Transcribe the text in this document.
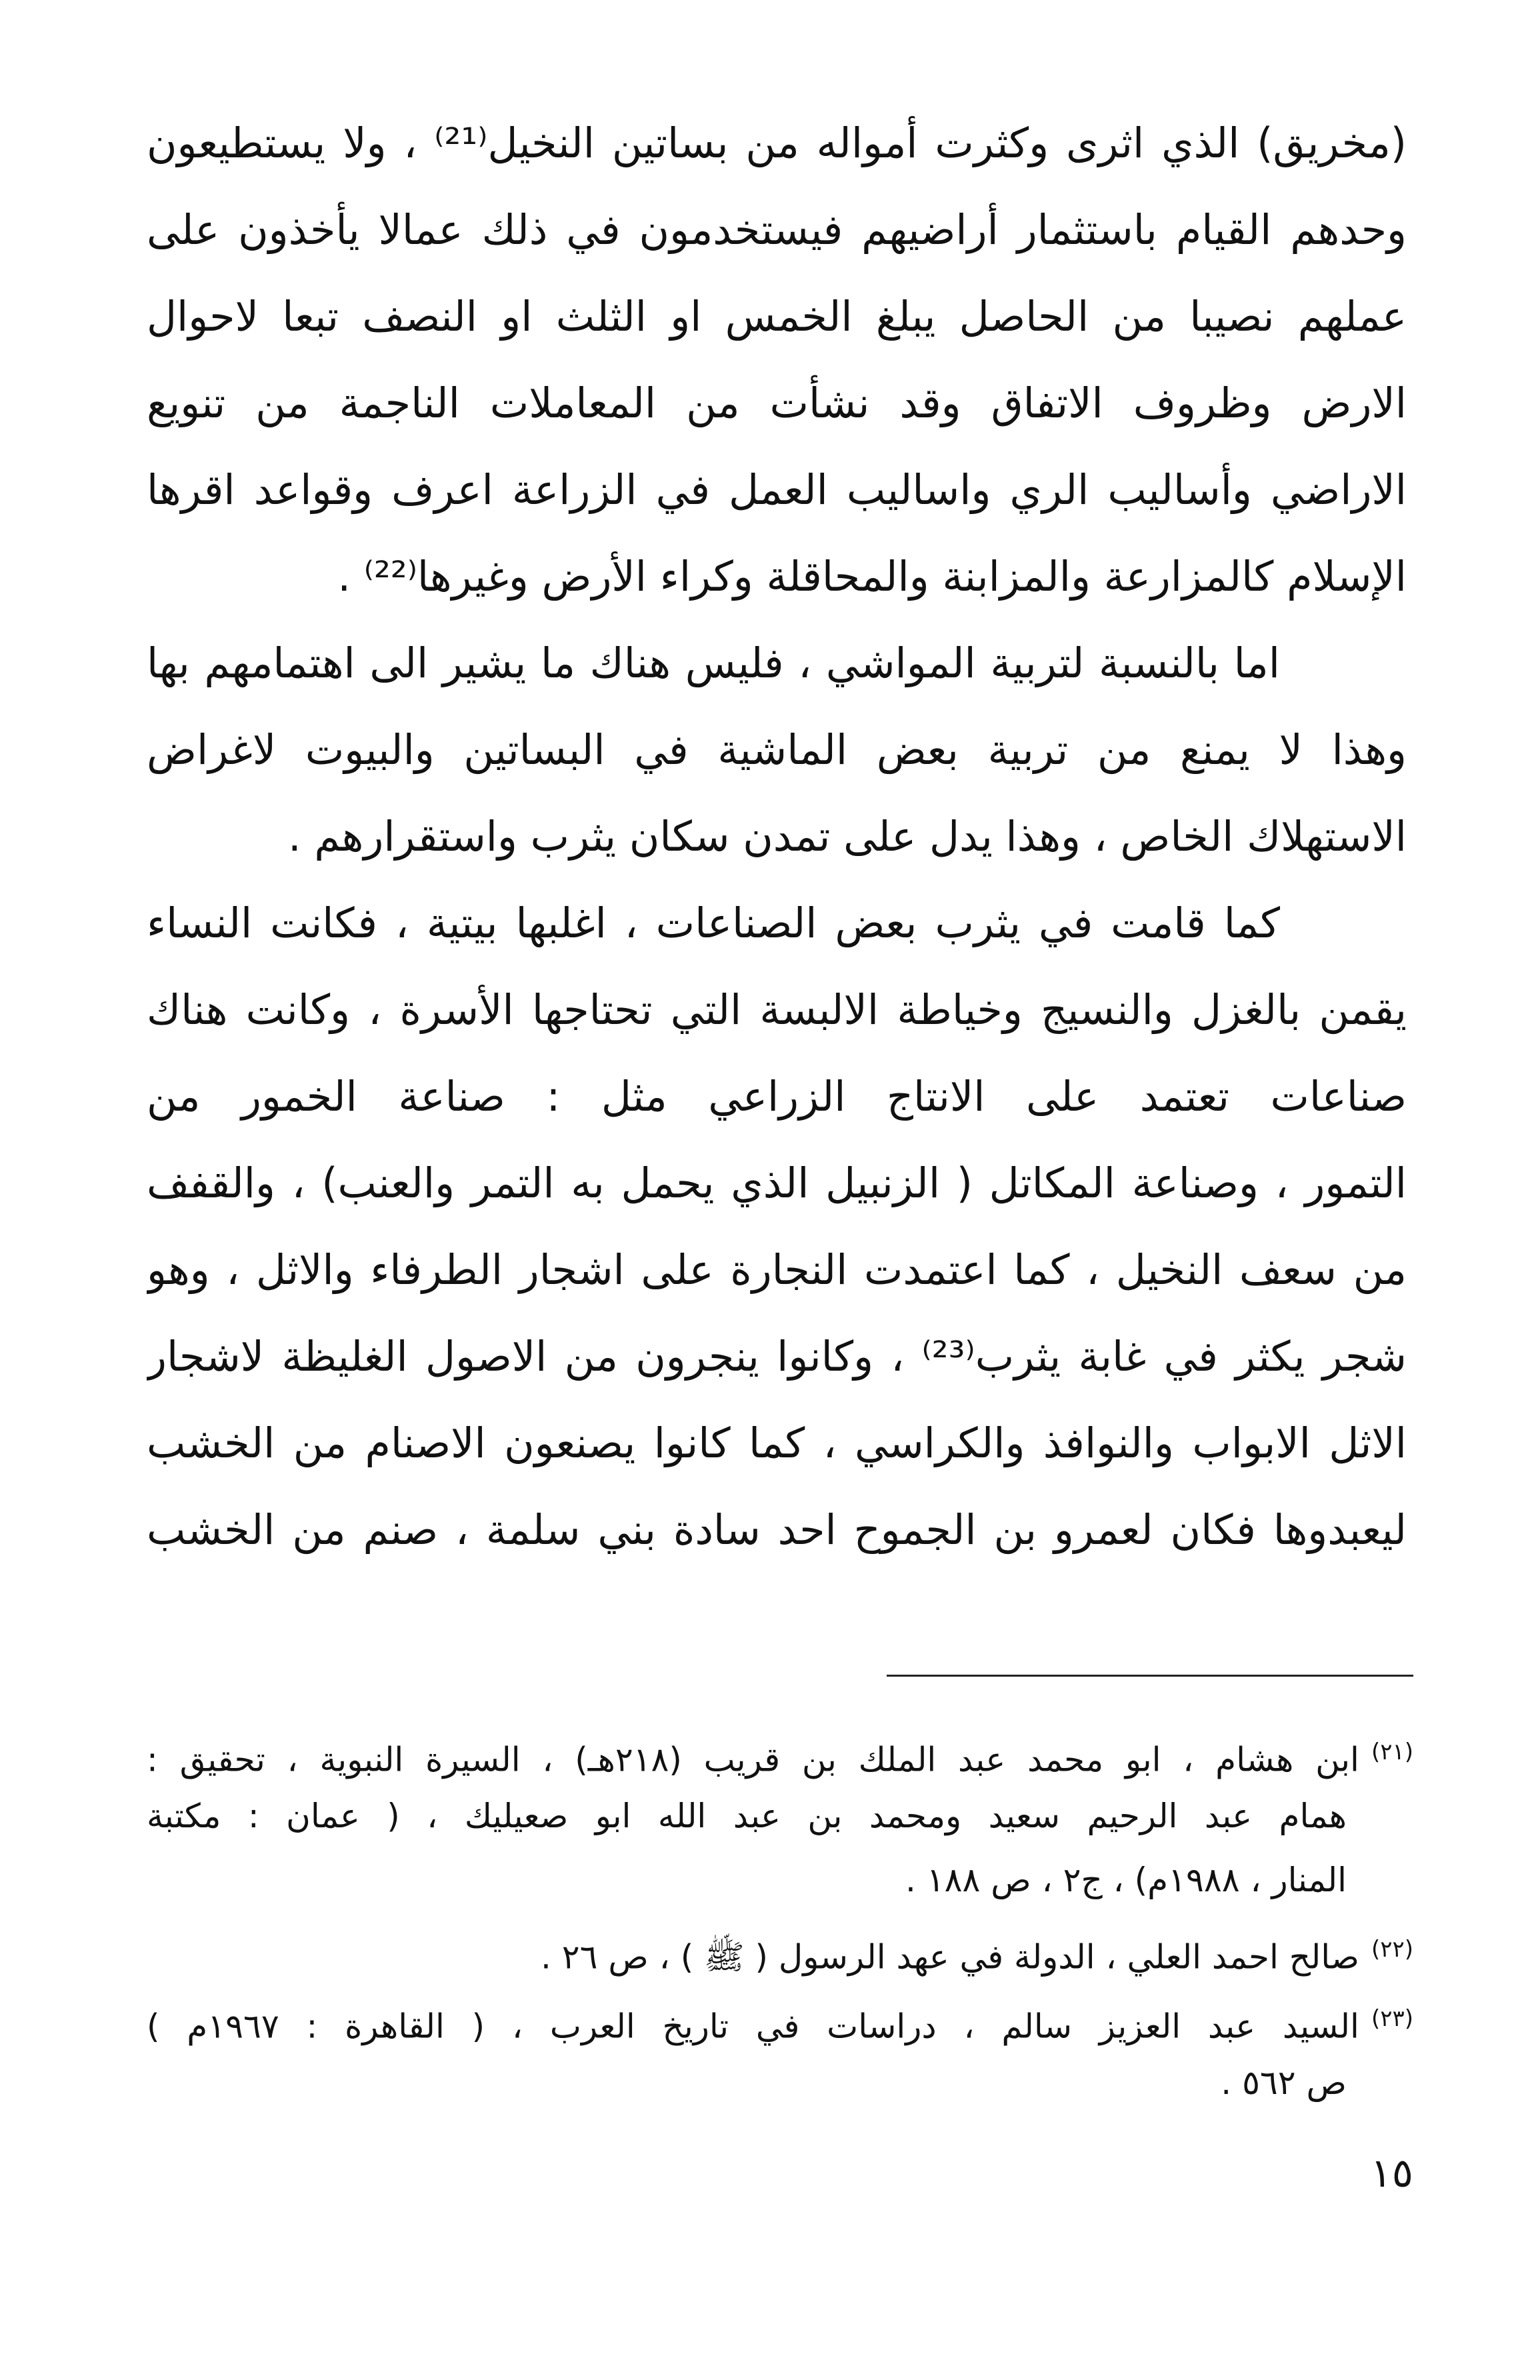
(مخريق) الذي اثرى وكثرت أمواله من بساتين النخيل⁽²¹⁾ ، ولا يستطيعون
وحدهم القيام باستثمار أراضيهم فيستخدمون في ذلك عمالا يأخذون على
عملهم نصيبا من الحاصل يبلغ الخمس او الثلث او النصف تبعا لاحوال
الارض وظروف الاتفاق وقد نشأت من المعاملات الناجمة من تنويع
الاراضي وأساليب الري واساليب العمل في الزراعة اعرف وقواعد اقرها
الإسلام كالمزارعة والمزابنة والمحاقلة وكراء الأرض وغيرها⁽²²⁾ .
اما بالنسبة لتربية المواشي ، فليس هناك ما يشير الى اهتمامهم بها
وهذا لا يمنع من تربية بعض الماشية في البساتين والبيوت لاغراض
الاستهلاك الخاص ، وهذا يدل على تمدن سكان يثرب واستقرارهم .
كما قامت في يثرب بعض الصناعات ، اغلبها بيتية ، فكانت النساء
يقمن بالغزل والنسيج وخياطة الالبسة التي تحتاجها الأسرة ، وكانت هناك
صناعات تعتمد على الانتاج الزراعي مثل : صناعة الخمور من
التمور ، وصناعة المكاتل ( الزنبيل الذي يحمل به التمر والعنب) ، والقفف
من سعف النخيل ، كما اعتمدت النجارة على اشجار الطرفاء والاثل ، وهو
شجر يكثر في غابة يثرب⁽²³⁾ ، وكانوا ينجرون من الاصول الغليظة لاشجار
الاثل الابواب والنوافذ والكراسي ، كما كانوا يصنعون الاصنام من الخشب
ليعبدوها فكان لعمرو بن الجموح احد سادة بني سلمة ، صنم من الخشب
$^{(٢١)}$ابن هشام ، ابو محمد عبد الملك بن قريب (٢١٨هـ) ، السيرة النبوية ، تحقيق :
همام عبد الرحيم سعيد ومحمد بن عبد الله ابو صعيليك ، ( عمان : مكتبة
المنار ، ١٩٨٨م) ، ج٢ ، ص ١٨٨ .
$^{(٢٢)}$صالح احمد العلي ، الدولة في عهد الرسول ( ﷺ ) ، ص ٢٦ .
$^{(٢٣)}$السيد عبد العزيز سالم ، دراسات في تاريخ العرب ، ( القاهرة : ١٩٦٧م )
ص ٥٦٢ .
١٥
